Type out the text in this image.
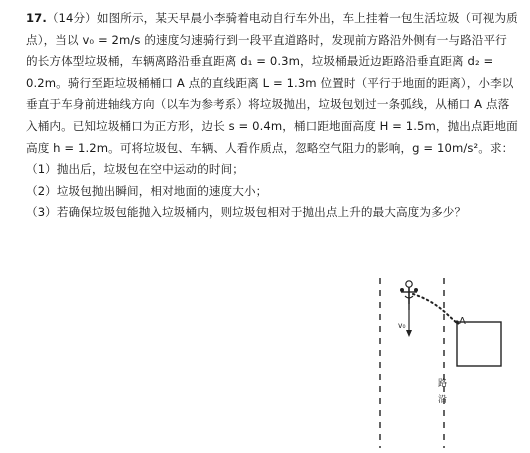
17.（14分）如图所示，某天早晨小李骑着电动自行车外出，车上挂着一包生活垃圾（可视为质点），当以 v₀ = 2m/s 的速度匀速骑行到一段平直道路时，发现前方路沿外侧有一与路沿平行的长方体型垃圾桶，车辆离路沿垂直距离 d₁ = 0.3m，垃圾桶最近边距路沿垂直距离 d₂ = 0.2m。骑行至距垃圾桶桶口 A 点的直线距离 L = 1.3m 位置时（平行于地面的距离），小李以垂直于车身前进轴线方向（以车为参考系）将垃圾抛出，垃圾包划过一条弧线，从桶口 A 点落入桶内。已知垃圾桶口为正方形，边长 s = 0.4m，桶口距地面高度 H = 1.5m，抛出点距地面高度 h = 1.2m。可将垃圾包、车辆、人看作质点，忽略空气阻力的影响，g = 10m/s²。求：

（1）抛出后，垃圾包在空中运动的时间；

（2）垃圾包抛出瞬间，相对地面的速度大小；

（3）若确保垃圾包能抛入垃圾桶内，则垃圾包相对于抛出点上升的最大高度为多少？

v₀	A
路
沿
